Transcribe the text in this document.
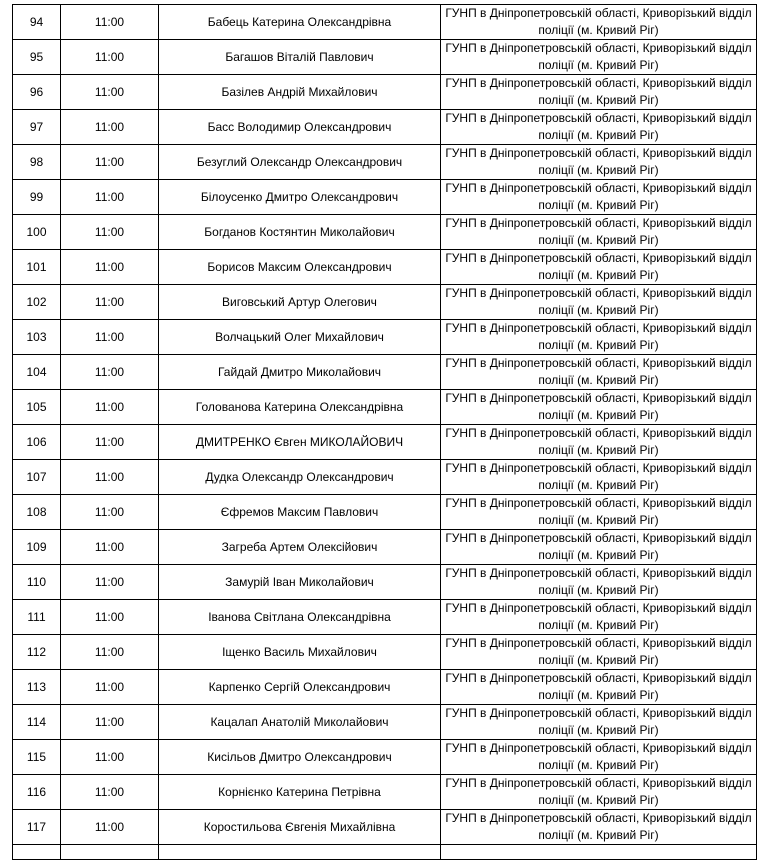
94	11:00	Бабець Катерина Олександрівна	ГУНП в Дніпропетровській області, Криворізький відділ
поліції (м. Кривий Ріг)

95	11:00	Багашов Віталій Павлович	ГУНП в Дніпропетровській області, Криворізький відділ
поліції (м. Кривий Ріг)

96	11:00	Базілев Андрій Михайлович	ГУНП в Дніпропетровській області, Криворізький відділ
поліції (м. Кривий Ріг)

97	11:00	Басс Володимир Олександрович	ГУНП в Дніпропетровській області, Криворізький відділ
поліції (м. Кривий Ріг)

98	11:00	Безуглий Олександр Олександрович	ГУНП в Дніпропетровській області, Криворізький відділ
поліції (м. Кривий Ріг)

99	11:00	Білоусенко Дмитро Олександрович	ГУНП в Дніпропетровській області, Криворізький відділ
поліції (м. Кривий Ріг)

100	11:00	Богданов Костянтин Миколайович	ГУНП в Дніпропетровській області, Криворізький відділ
поліції (м. Кривий Ріг)

101	11:00	Борисов Максим Олександрович	ГУНП в Дніпропетровській області, Криворізький відділ
поліції (м. Кривий Ріг)

102	11:00	Виговський Артур Олегович	ГУНП в Дніпропетровській області, Криворізький відділ
поліції (м. Кривий Ріг)

103	11:00	Волчацький Олег Михайлович	ГУНП в Дніпропетровській області, Криворізький відділ
поліції (м. Кривий Ріг)

104	11:00	Гайдай Дмитро Миколайович	ГУНП в Дніпропетровській області, Криворізький відділ
поліції (м. Кривий Ріг)

105	11:00	Голованова Катерина Олександрівна	ГУНП в Дніпропетровській області, Криворізький відділ
поліції (м. Кривий Ріг)

106	11:00	ДМИТРЕНКО Євген МИКОЛАЙОВИЧ	ГУНП в Дніпропетровській області, Криворізький відділ
поліції (м. Кривий Ріг)

107	11:00	Дудка Олександр Олександрович	ГУНП в Дніпропетровській області, Криворізький відділ
поліції (м. Кривий Ріг)

108	11:00	Єфремов Максим Павлович	ГУНП в Дніпропетровській області, Криворізький відділ
поліції (м. Кривий Ріг)

109	11:00	Загреба Артем Олексійович	ГУНП в Дніпропетровській області, Криворізький відділ
поліції (м. Кривий Ріг)

110	11:00	Замурій Іван Миколайович	ГУНП в Дніпропетровській області, Криворізький відділ
поліції (м. Кривий Ріг)

111	11:00	Іванова Світлана Олександрівна	ГУНП в Дніпропетровській області, Криворізький відділ
поліції (м. Кривий Ріг)

112	11:00	Іщенко Василь Михайлович	ГУНП в Дніпропетровській області, Криворізький відділ
поліції (м. Кривий Ріг)

113	11:00	Карпенко Сергій Олександрович	ГУНП в Дніпропетровській області, Криворізький відділ
поліції (м. Кривий Ріг)

114	11:00	Кацалап Анатолій Миколайович	ГУНП в Дніпропетровській області, Криворізький відділ
поліції (м. Кривий Ріг)

115	11:00	Кисільов Дмитро Олександрович	ГУНП в Дніпропетровській області, Криворізький відділ
поліції (м. Кривий Ріг)

116	11:00	Корнієнко Катерина Петрівна	ГУНП в Дніпропетровській області, Криворізький відділ
поліції (м. Кривий Ріг)

117	11:00	Коростильова Євгенія Михайлівна	ГУНП в Дніпропетровській області, Криворізький відділ
поліції (м. Кривий Ріг)
